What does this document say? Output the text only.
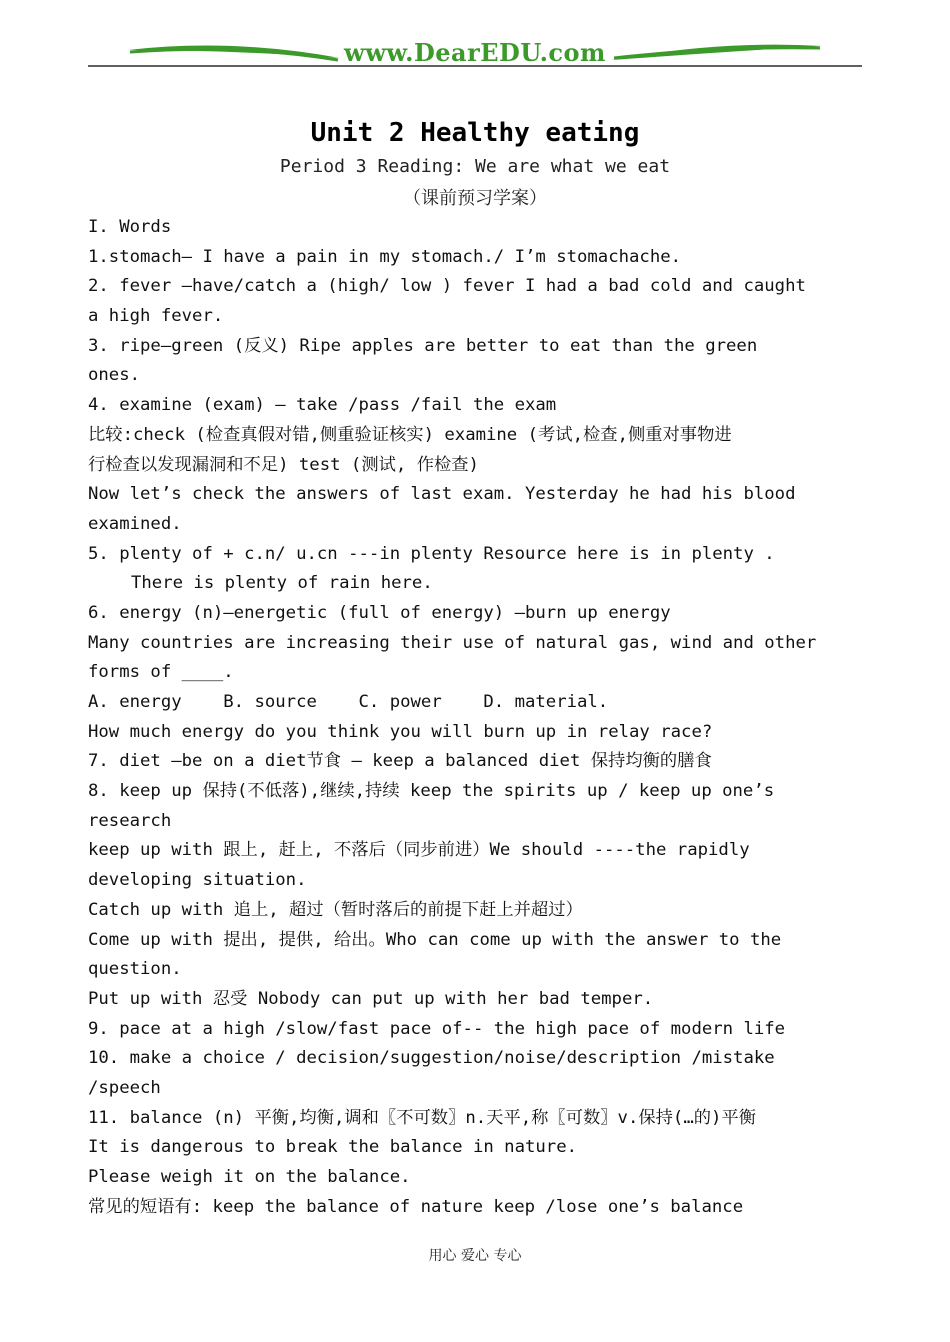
www.DearEDU.com
Unit 2 Healthy eating
Period 3 Reading: We are what we eat
（课前预习学案）
I. Words
1.stomach— I have a pain in my stomach./ I’m stomachache.
2. fever –have/catch a (high/ low ) fever I had a bad cold and caught
a high fever.
3. ripe—green (反义) Ripe apples are better to eat than the green
ones.
4. examine (exam) – take /pass /fail the exam
比较:check (检查真假对错,侧重验证核实) examine (考试,检查,侧重对事物进
行检查以发现漏洞和不足) test (测试, 作检查)
Now let’s check the answers of last exam. Yesterday he had his blood
examined.
5. plenty of + c.n/ u.cn ---in plenty Resource here is in plenty .
There is plenty of rain here.
6. energy (n)—energetic (full of energy) –burn up energy
Many countries are increasing their use of natural gas, wind and other
forms of ____.
A. energy    B. source    C. power    D. material.
How much energy do you think you will burn up in relay race?
7. diet –be on a diet节食 – keep a balanced diet 保持均衡的膳食
8. keep up 保持(不低落),继续,持续 keep the spirits up / keep up one’s
research
keep up with 跟上, 赶上, 不落后（同步前进）We should ----the rapidly
developing situation.
Catch up with 追上, 超过（暂时落后的前提下赶上并超过）
Come up with 提出, 提供, 给出。Who can come up with the answer to the
question.
Put up with 忍受 Nobody can put up with her bad temper.
9. pace at a high /slow/fast pace of-- the high pace of modern life
10. make a choice / decision/suggestion/noise/description /mistake
/speech
11. balance (n) 平衡,均衡,调和〖不可数〗n.天平,称〖可数〗v.保持(…的)平衡
It is dangerous to break the balance in nature.
Please weigh it on the balance.
常见的短语有: keep the balance of nature keep /lose one’s balance
用心 爱心 专心
